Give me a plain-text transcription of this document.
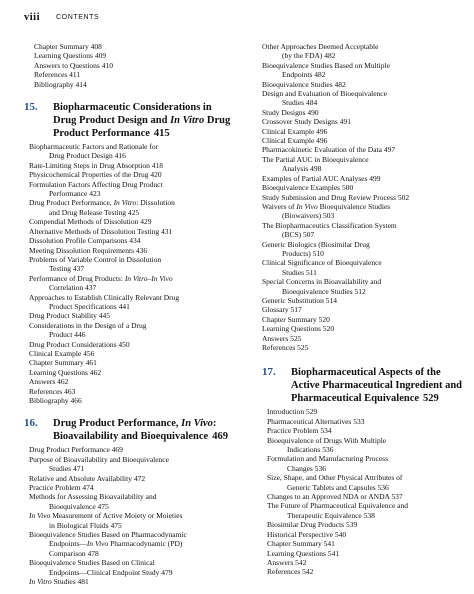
viii CONTENTS
Chapter Summary 408
Learning Questions 409
Answers to Questions 410
References 411
Bibliography 414
15.	Biopharmaceutic Considerations in
Drug Product Design and In Vitro Drug
Product Performance 415
Biopharmaceutic Factors and Rationale for
Drug Product Design 416
Rate-Limiting Steps in Drug Absorption 418
Physicochemical Properties of the Drug 420
Formulation Factors Affecting Drug Product
Performance 423
Drug Product Performance, In Vitro: Dissolution
and Drug Release Testing 425
Compendial Methods of Dissolution 429
Alternative Methods of Dissolution Testing 431
Dissolution Profile Comparisons 434
Meeting Dissolution Requirements 436
Problems of Variable Control in Dissolution
Testing 437
Performance of Drug Products: In Vitro–In Vivo
Correlation 437
Approaches to Establish Clinically Relevant Drug
Product Specifications 441
Drug Product Stability 445
Considerations in the Design of a Drug
Product 446
Drug Product Considerations 450
Clinical Example 456
Chapter Summary 461
Learning Questions 462
Answers 462
References 463
Bibliography 466
16.	Drug Product Performance, In Vivo:
Bioavailability and Bioequivalence 469
Drug Product Performance 469
Purpose of Bioavailability and Bioequivalence
Studies 471
Relative and Absolute Availability 472
Practice Problem 474
Methods for Assessing Bioavailability and
Bioequivalence 475
In Vivo Measurement of Active Moiety or Moieties
in Biological Fluids 475
Bioequivalence Studies Based on Pharmacodynamic
Endpoints—In Vivo Pharmacodynamic (PD)
Comparison 478
Bioequivalence Studies Based on Clinical
Endpoints—Clinical Endpoint Study 479
In Vitro Studies 481
Other Approaches Deemed Acceptable
(by the FDA) 482
Bioequivalence Studies Based on Multiple
Endpoints 482
Bioequivalence Studies 482
Design and Evaluation of Bioequivalence
Studies 484
Study Designs 490
Crossover Study Designs 491
Clinical Example 496
Clinical Example 496
Pharmacokinetic Evaluation of the Data 497
The Partial AUC in Bioequivalence
Analysis 498
Examples of Partial AUC Analyses 499
Bioequivalence Examples 500
Study Submission and Drug Review Process 502
Waivers of In Vivo Bioequivalence Studies
(Biowaivers) 503
The Biopharmaceutics Classification System
(BCS) 507
Generic Biologics (Biosimilar Drug
Products) 510
Clinical Significance of Bioequivalence
Studies 511
Special Concerns in Bioavailability and
Bioequivalence Studies 512
Generic Substitution 514
Glossary 517
Chapter Summary 520
Learning Questions 520
Answers 525
References 525
17.	Biopharmaceutical Aspects of the
Active Pharmaceutical Ingredient and
Pharmaceutical Equivalence 529
Introduction 529
Pharmaceutical Alternatives 533
Practice Problem 534
Bioequivalence of Drugs With Multiple
Indications 536
Formulation and Manufacturing Process
Changes 536
Size, Shape, and Other Physical Attributes of
Generic Tablets and Capsules 536
Changes to an Approved NDA or ANDA 537
The Future of Pharmaceutical Equivalence and
Therapeutic Equivalence 538
Biosimilar Drug Products 539
Historical Perspective 540
Chapter Summary 541
Learning Questions 541
Answers 542
References 542
